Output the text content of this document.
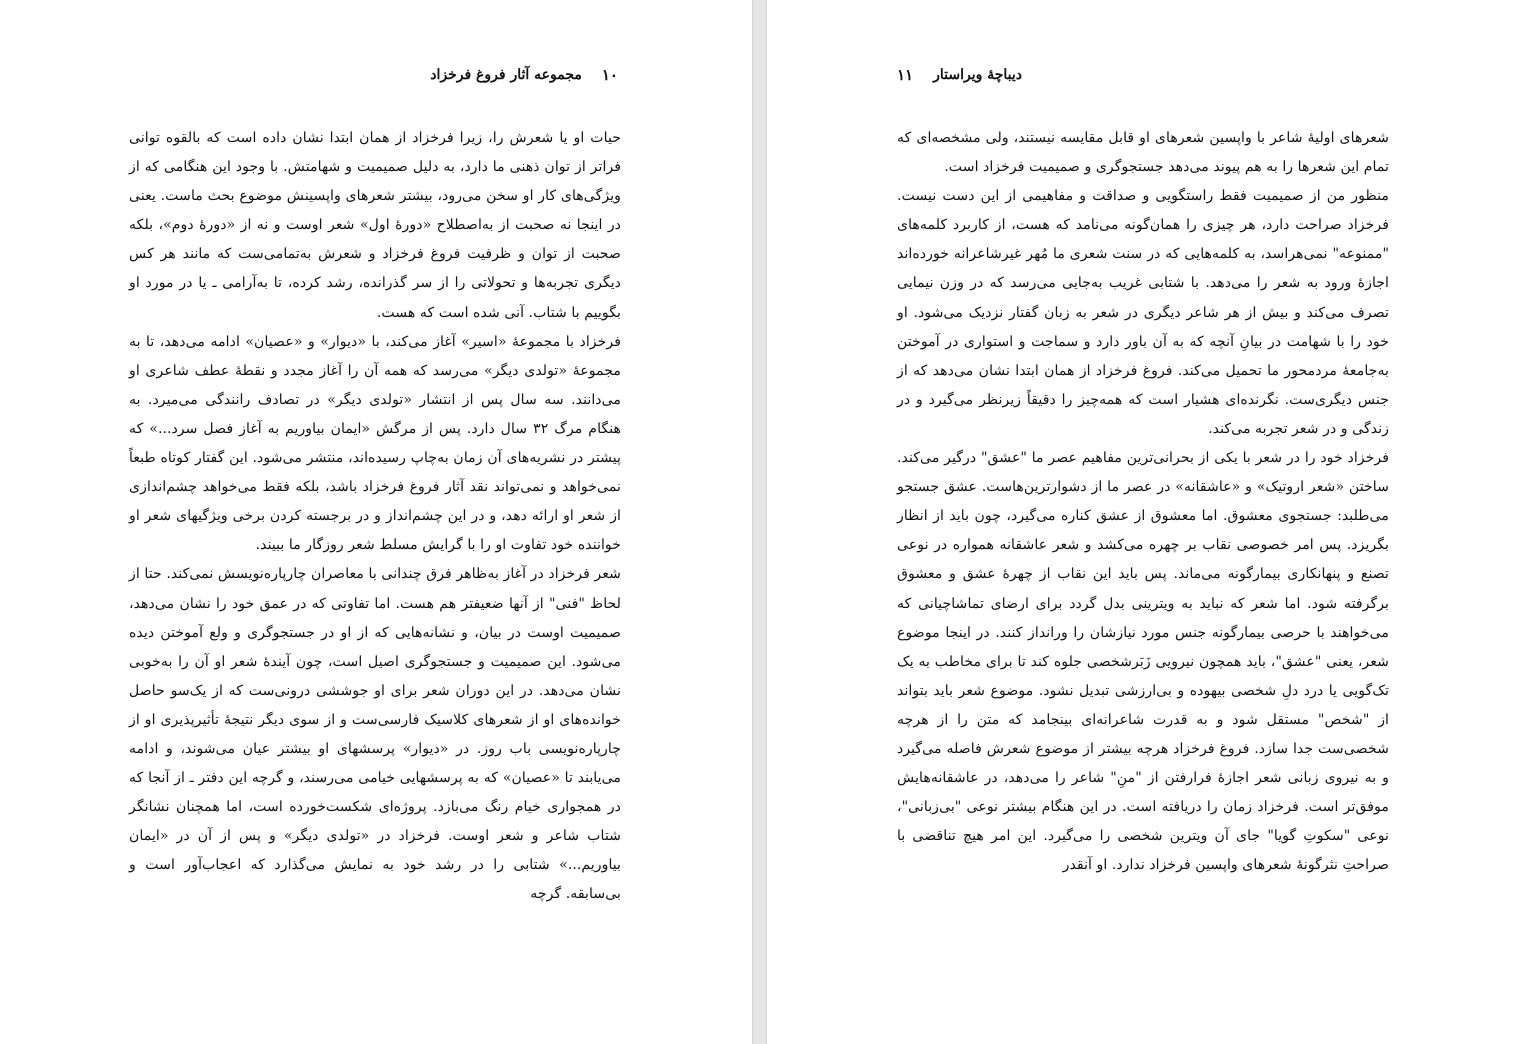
۱۰
مجموعه آثار فروغ فرخزاد

حیات او یا شعرش را، زیرا فرخزاد از همان ابتدا نشان داده است که بالقوه توانی فراتر از توان ذهنی ما دارد، به دلیل صمیمیت و شهامتش. با وجود این هنگامی که از ویژگی‌های کار او سخن می‌رود، بیشتر شعرهای واپسینش موضوع بحث ماست. یعنی در اینجا نه صحبت از به‌اصطلاح «دورهٔ اول» شعر اوست و نه از «دورهٔ دوم»، بلکه صحبت از توان و ظرفیت فروغ فرخزاد و شعرش به‌تمامی‌ست که مانند هر کس دیگری تجربه‌ها و تحولاتی را از سر گذرانده، رشد کرده، تا به‌آرامی ـ یا در مورد او بگوییم با شتاب. آنی شده است که هست.

فرخزاد با مجموعهٔ «اسیر» آغاز می‌کند، با «دیوار» و «عصیان» ادامه می‌دهد، تا به مجموعهٔ «تولدی دیگر» می‌رسد که همه آن را آغاز مجدد و نقطهٔ عطف شاعری او می‌دانند. سه سال پس از انتشار «تولدی دیگر» در تصادف رانندگی می‌میرد. به هنگام مرگ ۳۲ سال دارد. پس از مرگش «ایمان بیاوریم به آغاز فصل سرد...» که پیشتر در نشریه‌های آن زمان به‌چاپ رسیده‌اند، منتشر می‌شود. این گفتار کوتاه طبعاً نمی‌خواهد و نمی‌تواند نقد آثار فروغ فرخزاد باشد، بلکه فقط می‌خواهد چشم‌اندازی از شعر او ارائه دهد، و در این چشم‌انداز و در برجسته کردن برخی ویژگیهای شعر او خواننده خود تفاوت او را با گرایش مسلط شعر روزگار ما ببیند.

شعر فرخزاد در آغاز به‌ظاهر فرق چندانی با معاصران چارپاره‌نویسش نمی‌کند. حتا از لحاظ "فنی" از آنها ضعیفتر هم هست. اما تفاوتی که در عمق خود را نشان می‌دهد، صمیمیت اوست در بیان، و نشانه‌هایی که از او در جستجوگری و ولع آموختن دیده می‌شود. این صمیمیت و جستجوگری اصیل است، چون آیندهٔ شعر او آن را به‌خوبی نشان می‌دهد. در این دوران شعر برای او جوششی درونی‌ست که از یک‌سو حاصل خوانده‌های او از شعرهای کلاسیک فارسی‌ست و از سوی دیگر نتیجهٔ تأثیرپذیری او از چارپاره‌نویسی باب روز. در «دیوار» پرسشهای او بیشتر عیان می‌شوند، و ادامه می‌یابند تا «عصیان» که به پرسشهایی خیامی می‌رسند، و گرچه این دفتر ـ از آنجا که در همجواری خیام رنگ می‌بازد. پروژه‌ای شکست‌خورده است، اما همچنان نشانگر شتاب شاعر و شعر اوست. فرخزاد در «تولدی دیگر» و پس از آن در «ایمان بیاوریم...» شتابی را در رشد خود به نمایش می‌گذارد که اعجاب‌آور است و بی‌سابقه. گرچه

دیباچهٔ ویراستار
۱۱

شعرهای اولیهٔ شاعر با واپسین شعرهای او قابل مقایسه نیستند، ولی مشخصه‌ای که تمام این شعرها را به هم پیوند می‌دهد جستجوگری و صمیمیت فرخزاد است.

منظور من از صمیمیت فقط راستگویی و صداقت و مفاهیمی از این دست نیست. فرخزاد صراحت دارد، هر چیزی را همان‌گونه می‌نامد که هست، از کاربرد کلمه‌های "ممنوعه" نمی‌هراسد، به کلمه‌هایی که در سنت شعری ما مُهر غیرشاعرانه خورده‌اند اجازهٔ ورود به شعر را می‌دهد. با شتابی غریب به‌جایی می‌رسد که در وزن نیمایی تصرف می‌کند و بیش از هر شاعر دیگری در شعر به زبان گفتار نزدیک می‌شود. او خود را با شهامت در بیانِ آنچه که به آن باور دارد و سماجت و استواری در آموختن به‌جامعهٔ مردمحور ما تحمیل می‌کند. فروغ فرخزاد از همان ابتدا نشان می‌دهد که از جنس دیگری‌ست. نگرنده‌ای هشیار است که همه‌چیز را دقیقاً زیرنظر می‌گیرد و در زندگی و در شعر تجربه می‌کند.

فرخزاد خود را در شعر با یکی از بحرانی‌ترین مفاهیم عصر ما "عشق" درگیر می‌کند. ساختن «شعر اروتیک» و «عاشقانه» در عصر ما از دشوارترین‌هاست. عشق جستجو می‌طلبد: جستجوی معشوق. اما معشوق از عشق کناره می‌گیرد، چون باید از انظار بگریزد. پس امر خصوصی نقاب بر چهره می‌کشد و شعر عاشقانه همواره در نوعی تصنع و پنهانکاری بیمارگونه می‌ماند. پس باید این نقاب از چهرهٔ عشق و معشوق برگرفته شود. اما شعر که نباید به ویترینی بدل گردد برای ارضای تماشاچیانی که می‌خواهند با حرصی بیمارگونه جنس مورد نیازشان را ورانداز کنند. در اینجا موضوع شعر، یعنی "عشق"، باید همچون نیرویی زَبَرشخصی جلوه کند تا برای مخاطب به یک تک‌گویی یا درد دلِ شخصی بیهوده و بی‌ارزشی تبدیل نشود. موضوع شعر باید بتواند از "شخص" مستقل شود و به قدرت شاعرانه‌ای بینجامد که متن را از هرچه شخصی‌ست جدا سازد. فروغ فرخزاد هرچه بیشتر از موضوع شعرش فاصله می‌گیرد و به نیروی زبانی شعر اجازهٔ فرارفتن از "منِ" شاعر را می‌دهد، در عاشقانه‌هایش موفق‌تر است. فرخزاد زمان را دریافته است. در این هنگام بیشتر نوعی "بی‌زبانی"، نوعی "سکوتِ گویا" جای آن ویترین شخصی را می‌گیرد. این امر هیچ تناقضی با صراحتِ نثرگونهٔ شعرهای واپسین فرخزاد ندارد. او آنقدر
